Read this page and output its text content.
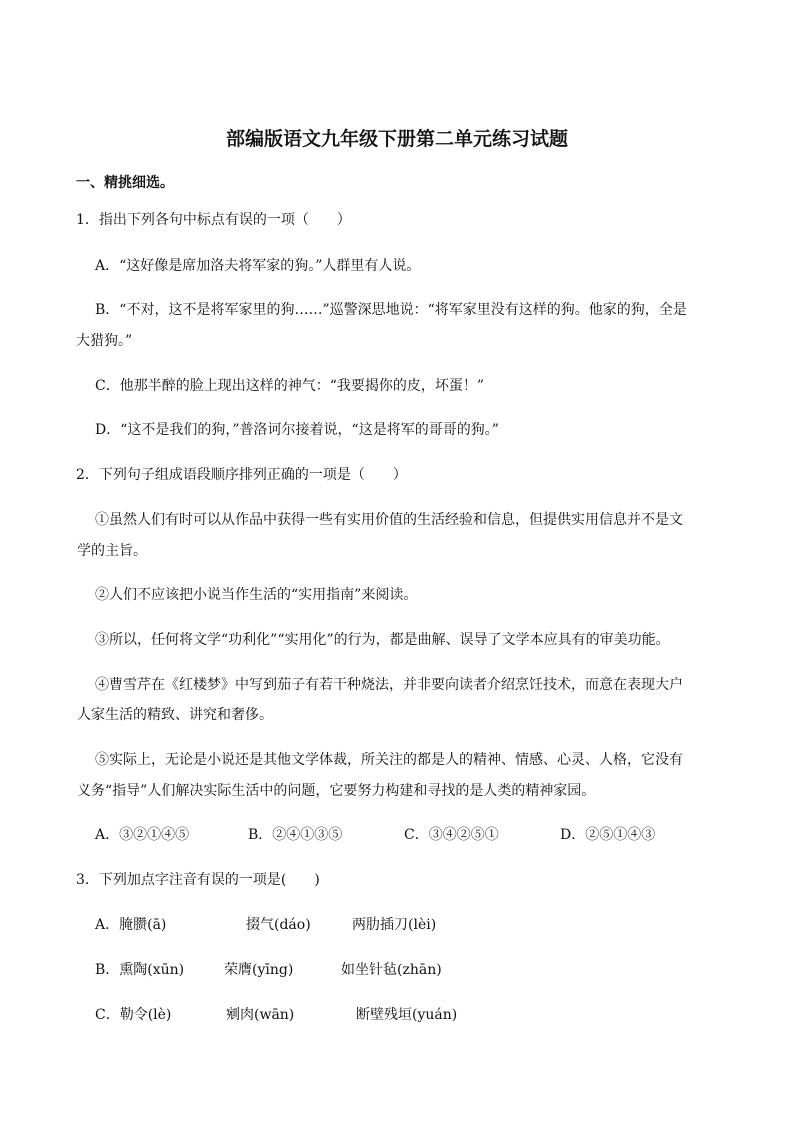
部编版语文九年级下册第二单元练习试题
一、精挑细选。
1．指出下列各句中标点有误的一项（　　）
A．“这好像是席加洛夫将军家的狗。”人群里有人说。
B．“不对，这不是将军家里的狗……”巡警深思地说：“将军家里没有这样的狗。他家的狗，全是
大猎狗。”
C．他那半醉的脸上现出这样的神气：“我要揭你的皮，坏蛋！”
D．“这不是我们的狗，”普洛诃尔接着说，“这是将军的哥哥的狗。”
2．下列句子组成语段顺序排列正确的一项是（　　）
①虽然人们有时可以从作品中获得一些有实用价值的生活经验和信息，但提供实用信息并不是文
学的主旨。
②人们不应该把小说当作生活的“实用指南”来阅读。
③所以，任何将文学“功利化”“实用化”的行为，都是曲解、误导了文学本应具有的审美功能。
④曹雪芹在《红楼梦》中写到茄子有若干种烧法，并非要向读者介绍烹饪技术，而意在表现大户
人家生活的精致、讲究和奢侈。
⑤实际上，无论是小说还是其他文学体裁，所关注的都是人的精神、情感、心灵、人格，它没有
义务“指导”人们解决实际生活中的问题，它要努力构建和寻找的是人类的精神家园。
A．③②①④⑤	B．②④①③⑤	C．③④②⑤①	D．②⑤①④③
3．下列加点字注音有误的一项是(　　)
A．腌臜(ā)	掇气(dáo)	两肋插刀(lèi)
B．熏陶(xūn)	荣膺(yīng)	如坐针毡(zhān)
C．勒令(lè)	剜肉(wān)	断壁残垣(yuán)
